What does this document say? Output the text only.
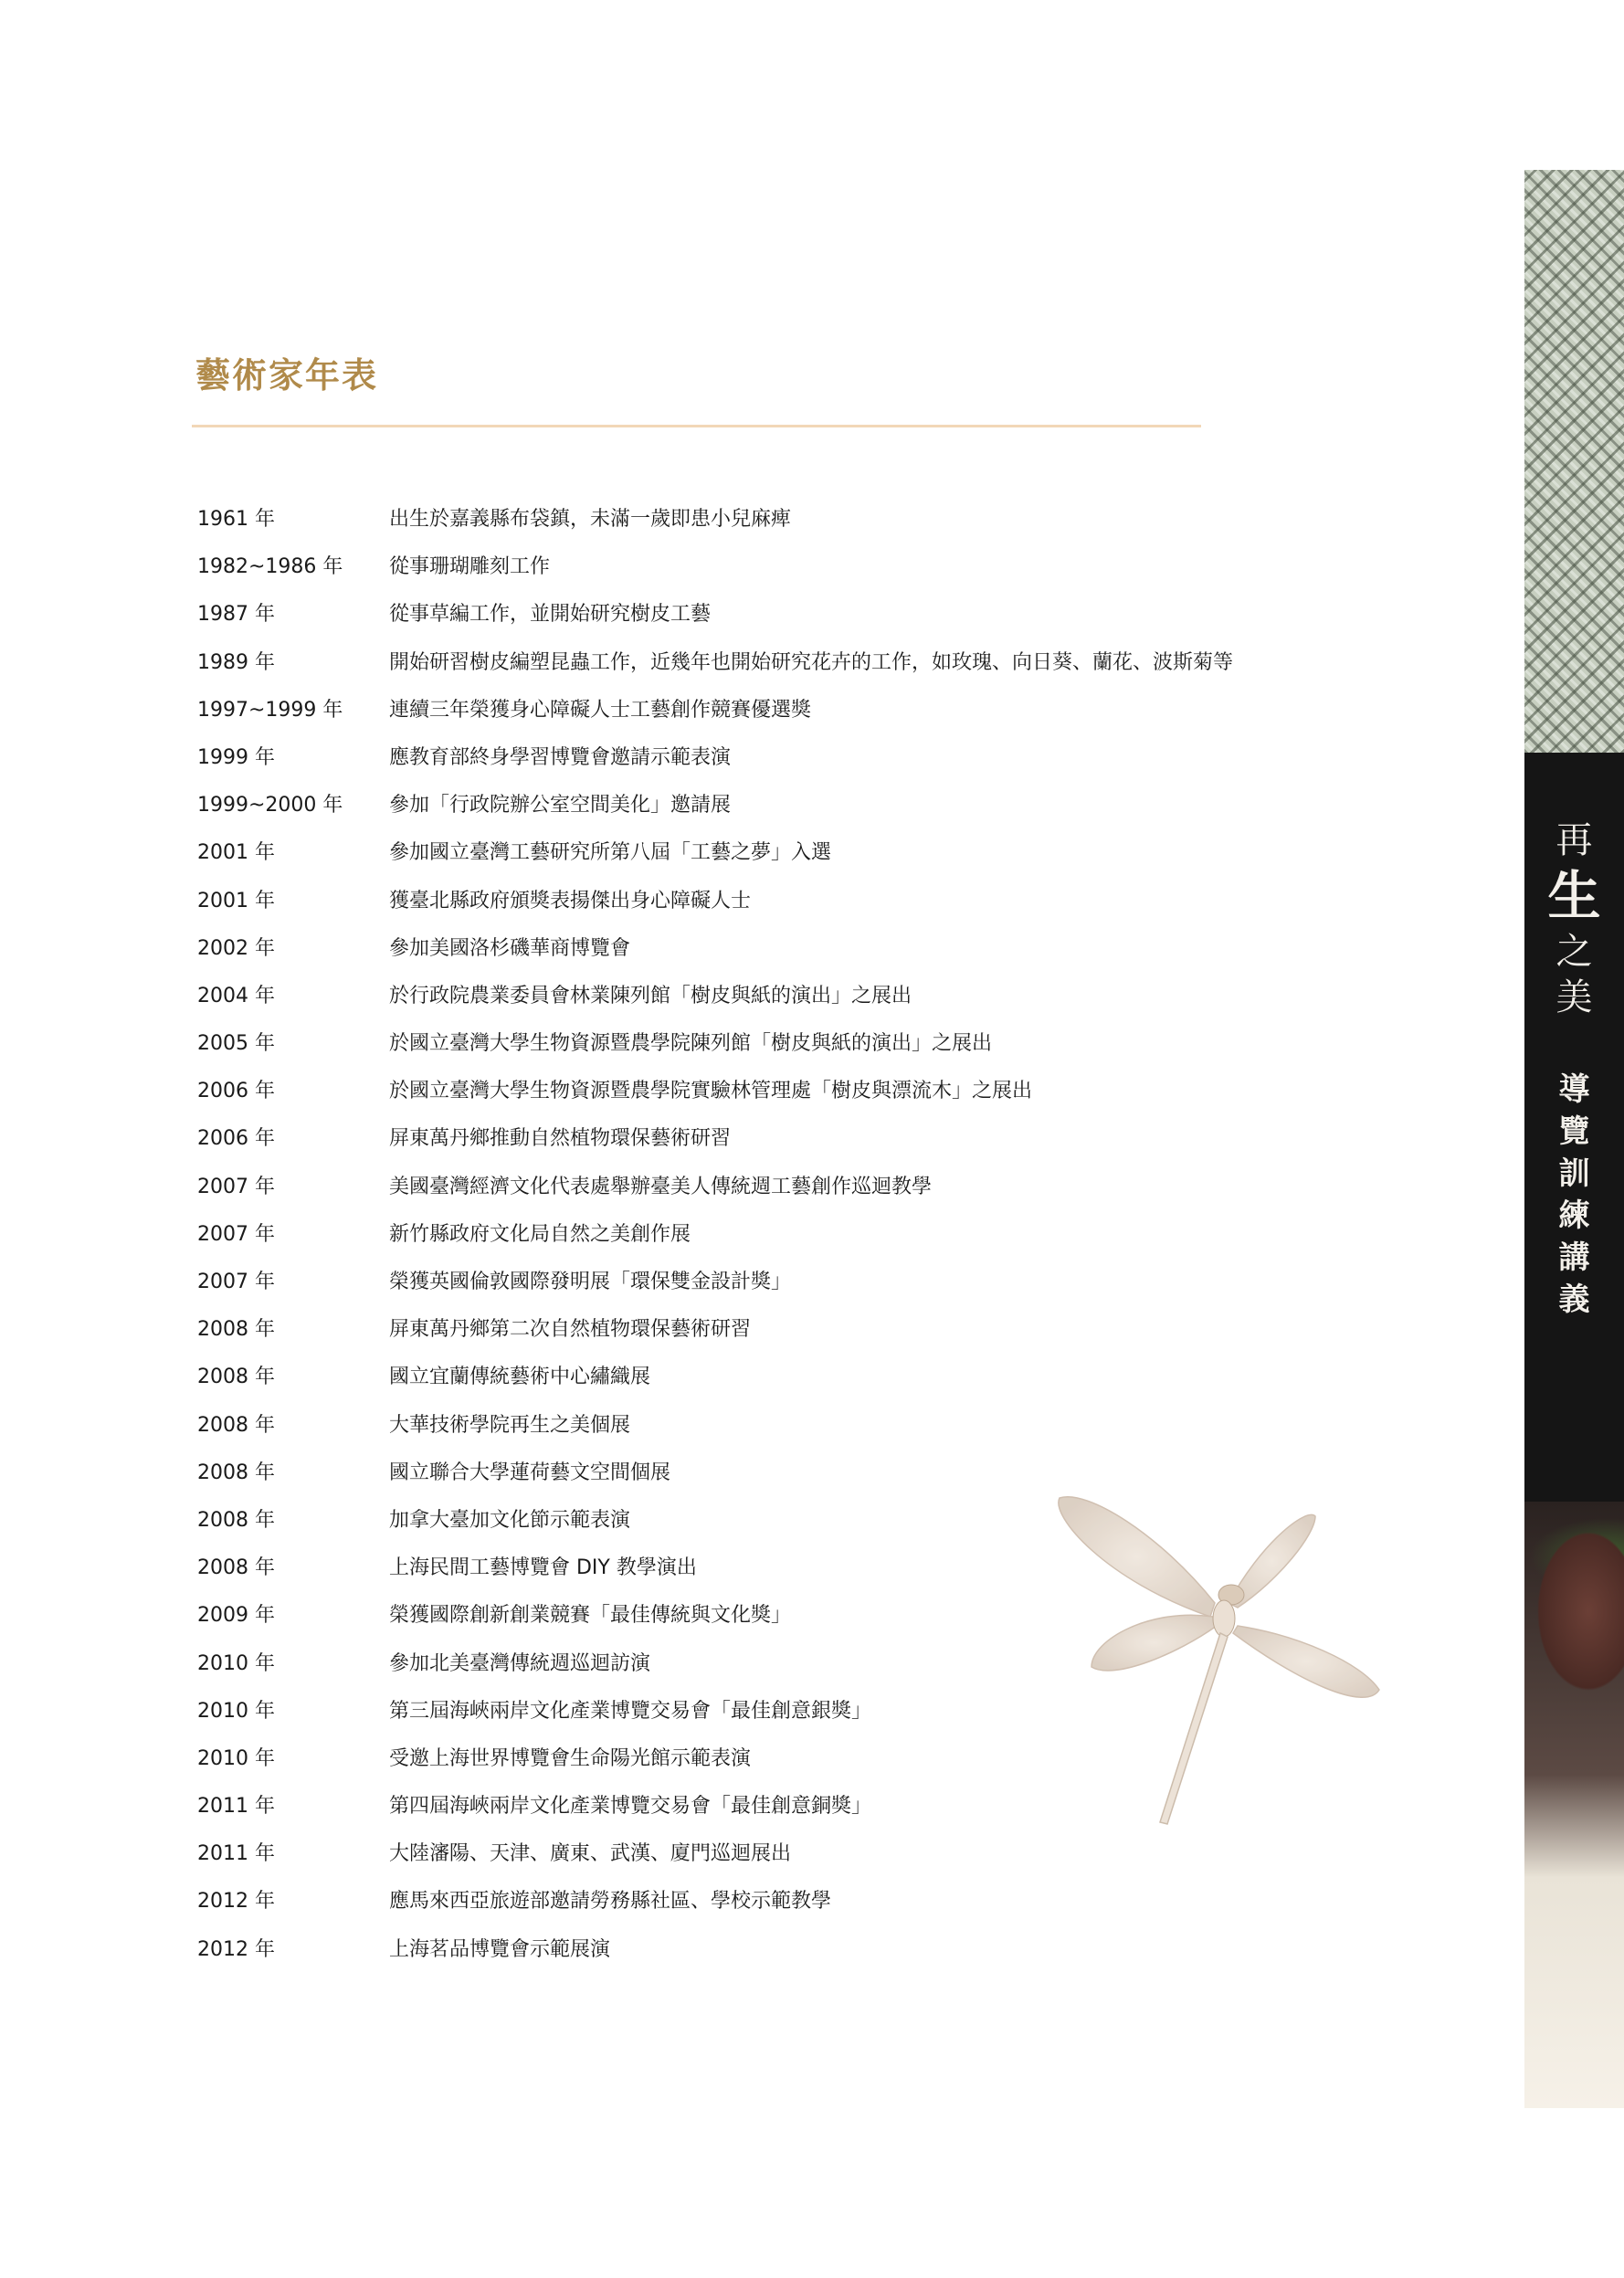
藝術家年表
1961 年	出生於嘉義縣布袋鎮，未滿一歲即患小兒麻痺
1982~1986 年 從事珊瑚雕刻工作
1987 年	從事草編工作，並開始研究樹皮工藝
1989 年	開始研習樹皮編塑昆蟲工作，近幾年也開始研究花卉的工作，如玫瑰、向日葵、蘭花、波斯菊等
1997~1999 年 連續三年榮獲身心障礙人士工藝創作競賽優選獎
1999 年	應教育部終身學習博覽會邀請示範表演
1999~2000 年 參加「行政院辦公室空間美化」邀請展
2001 年	參加國立臺灣工藝研究所第八屆「工藝之夢」入選
2001 年	獲臺北縣政府頒獎表揚傑出身心障礙人士
2002 年	參加美國洛杉磯華商博覽會
2004 年	於行政院農業委員會林業陳列館「樹皮與紙的演出」之展出
2005 年	於國立臺灣大學生物資源暨農學院陳列館「樹皮與紙的演出」之展出
2006 年	於國立臺灣大學生物資源暨農學院實驗林管理處「樹皮與漂流木」之展出
2006 年	屏東萬丹鄉推動自然植物環保藝術研習
2007 年	美國臺灣經濟文化代表處舉辦臺美人傳統週工藝創作巡迴教學
2007 年	新竹縣政府文化局自然之美創作展
2007 年	榮獲英國倫敦國際發明展「環保雙金設計獎」
2008 年	屏東萬丹鄉第二次自然植物環保藝術研習
2008 年	國立宜蘭傳統藝術中心繡織展
2008 年	大華技術學院再生之美個展
2008 年	國立聯合大學蓮荷藝文空間個展
2008 年	加拿大臺加文化節示範表演
2008 年	上海民間工藝博覽會 DIY 教學演出
2009 年	榮獲國際創新創業競賽「最佳傳統與文化獎」
2010 年	參加北美臺灣傳統週巡迴訪演
2010 年	第三屆海峽兩岸文化產業博覽交易會「最佳創意銀獎」
2010 年	受邀上海世界博覽會生命陽光館示範表演
2011 年	第四屆海峽兩岸文化產業博覽交易會「最佳創意銅獎」
2011 年	大陸瀋陽、天津、廣東、武漢、廈門巡迴展出
2012 年	應馬來西亞旅遊部邀請勞務縣社區、學校示範教學
2012 年	上海茗品博覽會示範展演
再
生
之
美
導
覽
訓
練
講
義
